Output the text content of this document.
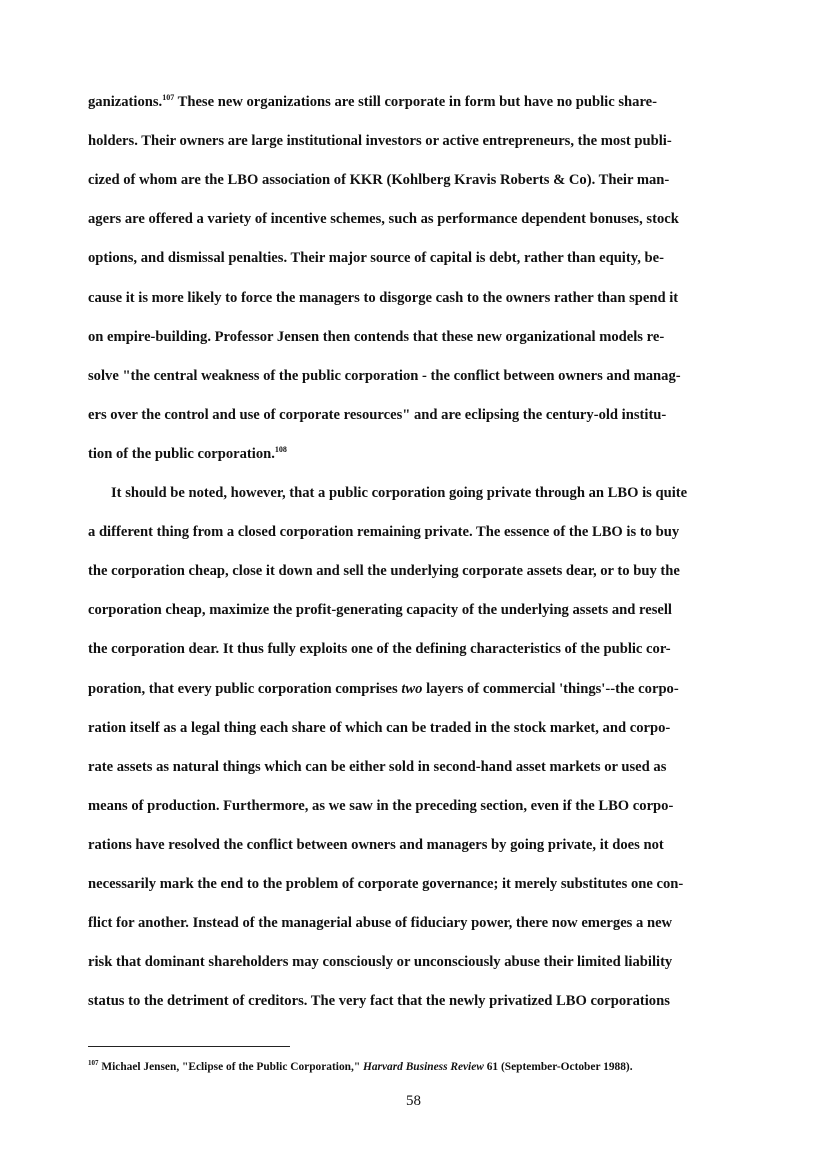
ganizations.$^{107}$ These new organizations are still corporate in form but have no public share-
holders. Their owners are large institutional investors or active entrepreneurs, the most publi-
cized of whom are the LBO association of KKR (Kohlberg Kravis Roberts & Co). Their man-
agers are offered a variety of incentive schemes, such as performance dependent bonuses, stock
options, and dismissal penalties. Their major source of capital is debt, rather than equity, be-
cause it is more likely to force the managers to disgorge cash to the owners rather than spend it
on empire-building. Professor Jensen then contends that these new organizational models re-
solve "the central weakness of the public corporation - the conflict between owners and manag-
ers over the control and use of corporate resources" and are eclipsing the century-old institu-
tion of the public corporation.$^{108}$
It should be noted, however, that a public corporation going private through an LBO is quite
a different thing from a closed corporation remaining private. The essence of the LBO is to buy
the corporation cheap, close it down and sell the underlying corporate assets dear, or to buy the
corporation cheap, maximize the profit-generating capacity of the underlying assets and resell
the corporation dear. It thus fully exploits one of the defining characteristics of the public cor-
poration, that every public corporation comprises two layers of commercial 'things'--the corpo-
ration itself as a legal thing each share of which can be traded in the stock market, and corpo-
rate assets as natural things which can be either sold in second-hand asset markets or used as
means of production. Furthermore, as we saw in the preceding section, even if the LBO corpo-
rations have resolved the conflict between owners and managers by going private, it does not
necessarily mark the end to the problem of corporate governance; it merely substitutes one con-
flict for another. Instead of the managerial abuse of fiduciary power, there now emerges a new
risk that dominant shareholders may consciously or unconsciously abuse their limited liability
status to the detriment of creditors. The very fact that the newly privatized LBO corporations
$^{107}$ Michael Jensen, "Eclipse of the Public Corporation," Harvard Business Review 61 (September-October 1988).
58
